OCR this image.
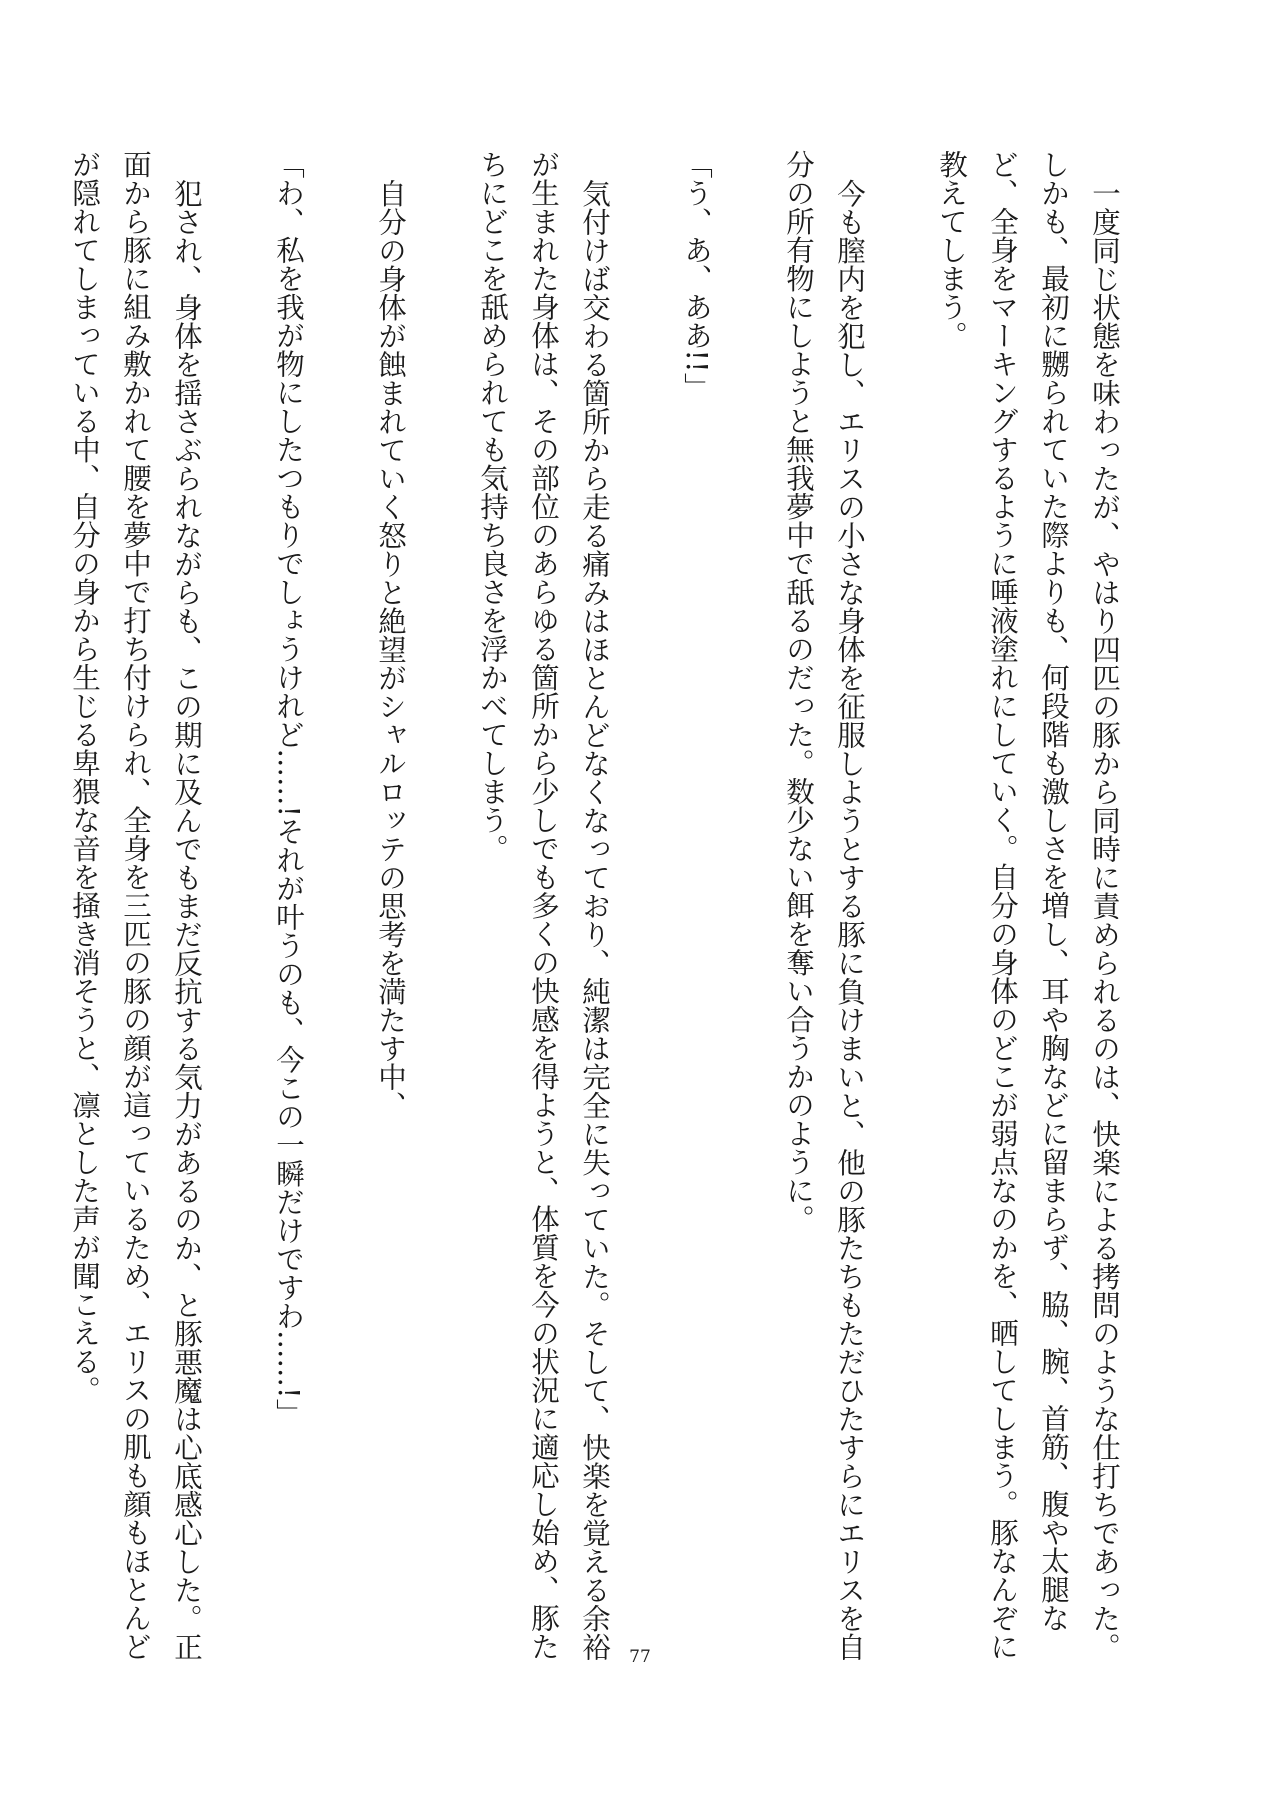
一度同じ状態を味わったが、やはり四匹の豚から同時に責められるのは、快楽による拷問のような仕打ちであった。しかも、最初に嬲られていた際よりも、何段階も激しさを増し、耳や胸などに留まらず、脇、腕、首筋、腹や太腿など、全身をマーキングするように唾液塗れにしていく。自分の身体のどこが弱点なのかを、晒してしまう。豚なんぞに教えてしまう。

今も膣内を犯し、エリスの小さな身体を征服しようとする豚に負けまいと、他の豚たちもただひたすらにエリスを自分の所有物にしようと無我夢中で舐るのだった。数少ない餌を奪い合うかのように。

「う、あ、ああ!!」

気付けば交わる箇所から走る痛みはほとんどなくなっており、純潔は完全に失っていた。そして、快楽を覚える余裕が生まれた身体は、その部位のあらゆる箇所から少しでも多くの快感を得ようと、体質を今の状況に適応し始め、豚たちにどこを舐められても気持ち良さを浮かべてしまう。

自分の身体が蝕まれていく怒りと絶望がシャルロッテの思考を満たす中、

「わ、私を我が物にしたつもりでしょうけれど……!それが叶うのも、今この一瞬だけですわ……!」

犯され、身体を揺さぶられながらも、この期に及んでもまだ反抗する気力があるのか、と豚悪魔は心底感心した。正面から豚に組み敷かれて腰を夢中で打ち付けられ、全身を三匹の豚の顔が這っているため、エリスの肌も顔もほとんどが隠れてしまっている中、自分の身から生じる卑猥な音を掻き消そうと、凛とした声が聞こえる。

77
